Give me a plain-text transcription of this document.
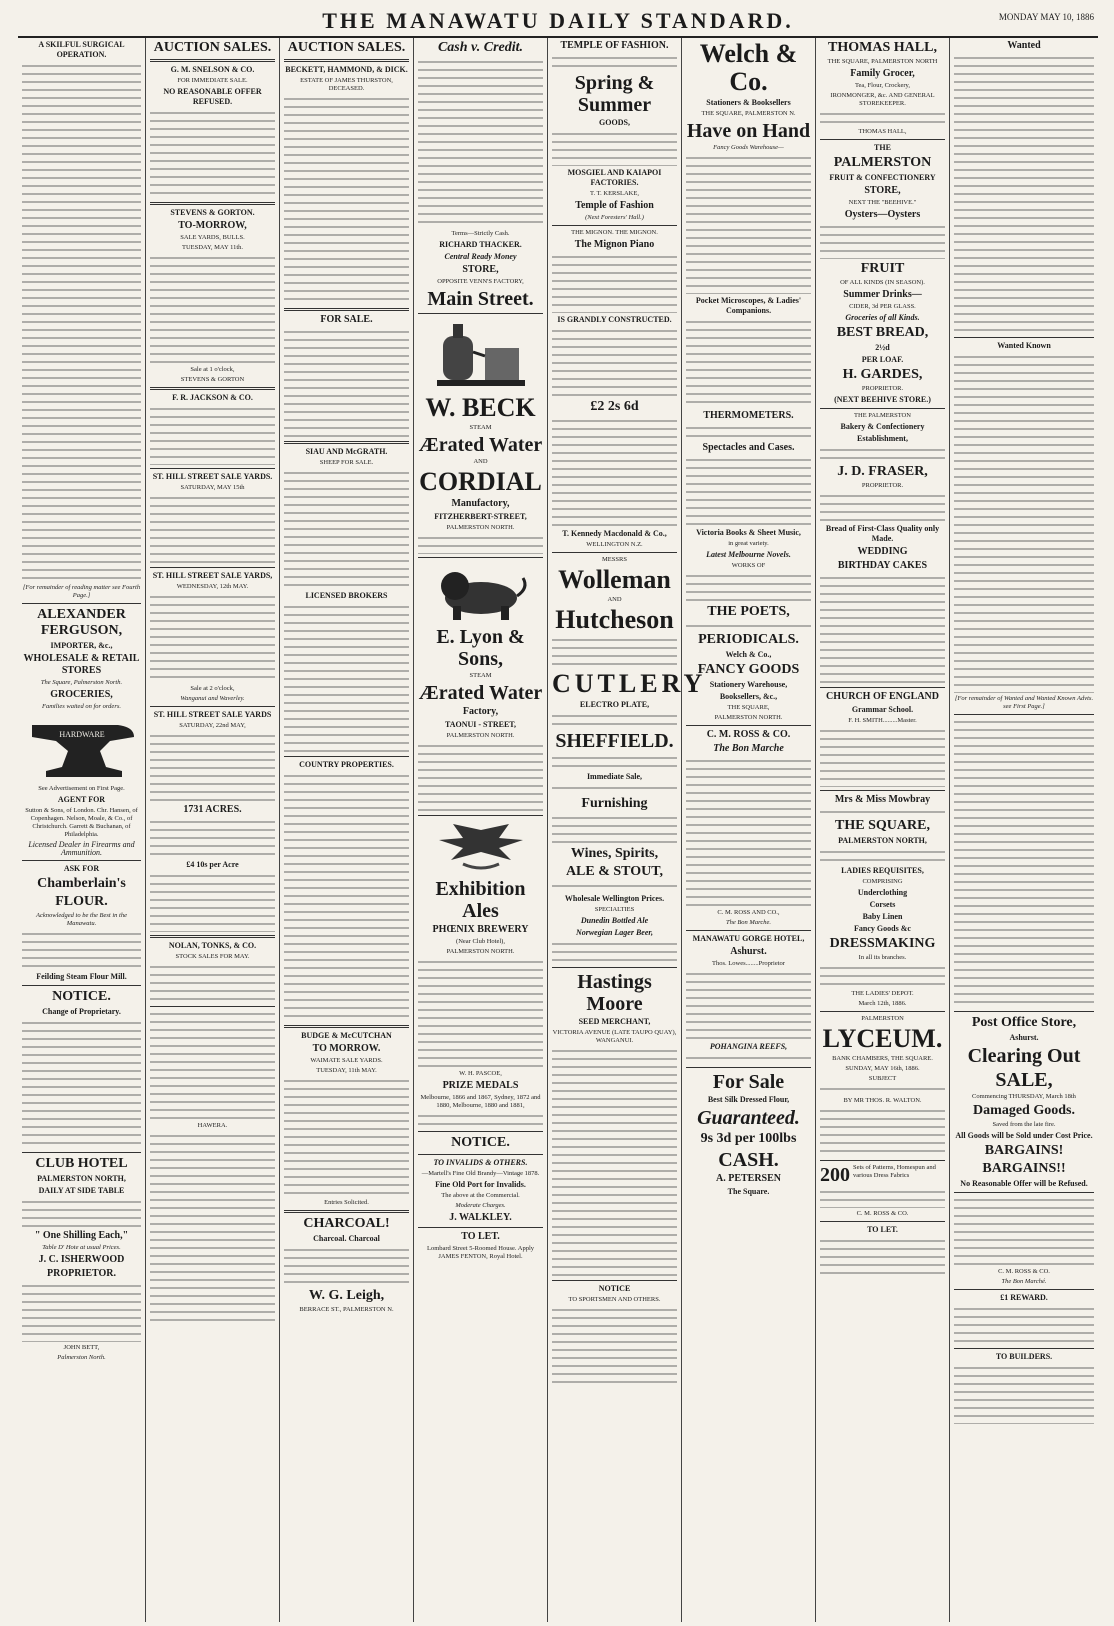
THE MANAWATU DAILY STANDARD.	MONDAY MAY 10, 1886
A SKILFUL SURGICAL OPERATION.
[For remainder of reading matter see Fourth Page.]
ALEXANDER FERGUSON,
IMPORTER, &c.,
WHOLESALE & RETAIL STORES
The Square, Palmerston North.
GROCERIES,
Families waited on for orders.
HARDWARE
See Advertisement on First Page.
AGENT FOR
Sutton & Sons, of London. Chr. Hansen, of Copenhagen. Nelson, Moale, & Co., of Christchurch. Garrett & Buchanan, of Philadelphia.
Licensed Dealer in Firearms and Ammunition.
ASK FOR
Chamberlain's
FLOUR.
Acknowledged to be the Best in the Manawatu.
Feilding Steam Flour Mill.
NOTICE.
Change of Proprietary.
CLUB HOTEL
PALMERSTON NORTH,
DAILY AT SIDE TABLE
" One Shilling Each,"
Table D' Hote at usual Prices.
J. C. ISHERWOOD
PROPRIETOR.
JOHN BETT,
Palmerston North.
AUCTION SALES.
G. M. SNELSON & CO.
FOR IMMEDIATE SALE.
NO REASONABLE OFFER REFUSED.
STEVENS & GORTON.
TO-MORROW,
SALE YARDS, BULLS.
TUESDAY, MAY 11th.
Sale at 1 o'clock,
STEVENS & GORTON
F. R. JACKSON & CO.
ST. HILL STREET SALE YARDS.
SATURDAY, MAY 15th
ST. HILL STREET SALE YARDS,
WEDNESDAY, 12th MAY.
Sale at 2 o'clock,
Wanganui and Waverley.
ST. HILL STREET SALE YARDS
SATURDAY, 22nd MAY,
1731 ACRES.
£4 10s per Acre
NOLAN, TONKS, & CO.
STOCK SALES FOR MAY.
HAWERA.
AUCTION SALES.
BECKETT, HAMMOND, & DICK.
ESTATE OF JAMES THURSTON, DECEASED.
FOR SALE.
SIAU AND McGRATH.
SHEEP FOR SALE.
LICENSED BROKERS
COUNTRY PROPERTIES.
BUDGE & McCUTCHAN
TO MORROW.
WAIMATE SALE YARDS.
TUESDAY, 11th MAY.
Entries Solicited.
CHARCOAL!
Charcoal. Charcoal
W. G. Leigh,
BERRACE ST., PALMERSTON N.
Cash v. Credit.
Terms—Strictly Cash.
RICHARD THACKER.
Central Ready Money
STORE,
OPPOSITE VENN'S FACTORY,
Main Street.
W. BECK
STEAM
Ærated Water
AND
CORDIAL
Manufactory,
FITZHERBERT-STREET,
PALMERSTON NORTH.
E. Lyon & Sons,
STEAM
Ærated Water
Factory,
TAONUI - STREET,
PALMERSTON NORTH.
Exhibition Ales
PHŒNIX BREWERY
(Near Club Hotel),
PALMERSTON NORTH.
W. H. PASCOE,
PRIZE MEDALS
Melbourne, 1866 and 1867, Sydney, 1872 and 1880, Melbourne, 1880 and 1881,
NOTICE.
TO INVALIDS & OTHERS.
—Martell's Fine Old Brandy—Vintage 1878.
Fine Old Port for Invalids.
The above at the Commercial.
Moderate Charges.
J. WALKLEY.
TO LET.
Lombard Street 5-Roomed House. Apply JAMES FENTON, Royal Hotel.
TEMPLE OF FASHION.
Spring & Summer
GOODS,
MOSGIEL AND KAIAPOI FACTORIES.
T. T. KERSLAKE,
Temple of Fashion
(Next Foresters' Hall.)
THE MIGNON. THE MIGNON.
The Mignon Piano
IS GRANDLY CONSTRUCTED.
£2 2s 6d
T. Kennedy Macdonald & Co.,
WELLINGTON N.Z.
MESSRS
Wolleman
AND
Hutcheson
CUTLERY
ELECTRO PLATE,
SHEFFIELD.
Immediate Sale,
Furnishing
Wines, Spirits,
ALE & STOUT,
Wholesale Wellington Prices.
SPECIALTIES
Dunedin Bottled Ale
Norwegian Lager Beer,
Hastings Moore
SEED MERCHANT,
VICTORIA AVENUE (LATE TAUPO QUAY), WANGANUI.
NOTICE
TO SPORTSMEN AND OTHERS.
Welch & Co.
Stationers & Booksellers
THE SQUARE, PALMERSTON N.
Have on Hand
Fancy Goods Warehouse—
Pocket Microscopes, & Ladies' Companions.
THERMOMETERS.
Spectacles and Cases.
Victoria Books & Sheet Music,
in great variety.
Latest Melbourne Novels.
WORKS OF
THE POETS,
PERIODICALS.
Welch & Co.,
FANCY GOODS
Stationery Warehouse,
Booksellers, &c.,
THE SQUARE,
PALMERSTON NORTH.
C. M. ROSS & CO.
The Bon Marche
C. M. ROSS AND CO.,
The Bon Marche.
MANAWATU GORGE HOTEL,
Ashurst.
Thos. Lowes........Proprietor
POHANGINA REEFS,
For Sale
Best Silk Dressed Flour,
Guaranteed.
9s 3d per 100lbs
CASH.
A. PETERSEN
The Square.
THOMAS HALL,
THE SQUARE, PALMERSTON NORTH
Family Grocer,
Tea, Flour, Crockery,
IRONMONGER, &c. AND GENERAL STOREKEEPER.
THOMAS HALL,
THE
PALMERSTON
FRUIT & CONFECTIONERY
STORE,
NEXT THE "BEEHIVE."
Oysters—Oysters
FRUIT
OF ALL KINDS (IN SEASON).
Summer Drinks—
CIDER, 3d PER GLASS.
Groceries of all Kinds.
BEST BREAD,
2½d
PER LOAF.
H. GARDES,
PROPRIETOR.
(NEXT BEEHIVE STORE.)
THE PALMERSTON
Bakery & Confectionery
Establishment,
J. D. FRASER,
PROPRIETOR.
Bread of First-Class Quality only Made.
WEDDING
BIRTHDAY CAKES
CHURCH OF ENGLAND
Grammar School.
F. H. SMITH.........Master.
Mrs & Miss Mowbray
THE SQUARE,
PALMERSTON NORTH,
LADIES REQUISITES,
COMPRISING
Underclothing
Corsets
Baby Linen
Fancy Goods &c
DRESSMAKING
In all its branches.
THE LADIES' DEPOT.
March 12th, 1886.
PALMERSTON
LYCEUM.
BANK CHAMBERS, THE SQUARE.
SUNDAY, MAY 16th, 1886.
SUBJECT
BY MR THOS. R. WALTON.
200 Sets of Patterns, Homespun and various Dress Fabrics
C. M. ROSS & CO.
TO LET.
Wanted
Wanted Known
[For remainder of Wanted and Wanted Known Advts. see First Page.]
Post Office Store,
Ashurst.
Clearing Out
SALE,
Commencing THURSDAY, March 18th
Damaged Goods.
Saved from the late fire.
All Goods will be Sold under Cost Price.
BARGAINS!
BARGAINS!!
No Reasonable Offer will be Refused.
C. M. ROSS & CO.
The Bon Marché.
£1 REWARD.
TO BUILDERS.
